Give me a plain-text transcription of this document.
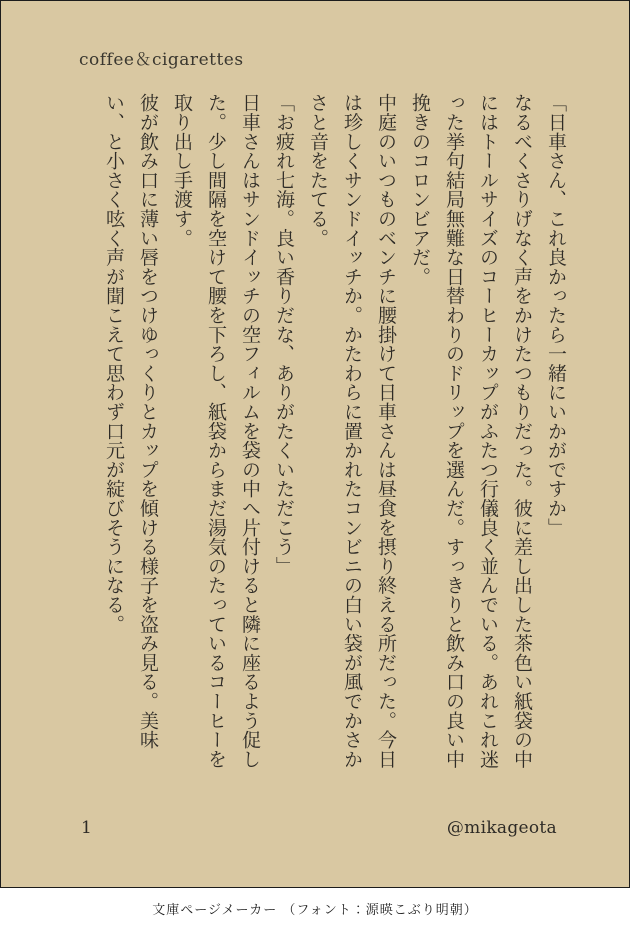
coffee＆cigarettes

「日車さん、これ良かったら一緒にいかがですか」

なるべくさりげなく声をかけたつもりだった。彼に差し出した茶色い紙袋の中にはトールサイズのコーヒーカップがふたつ行儀良く並んでいる。あれこれ迷った挙句結局無難な日替わりのドリップを選んだ。すっきりと飲み口の良い中挽きのコロンビアだ。

中庭のいつものベンチに腰掛けて日車さんは昼食を摂り終える所だった。今日は珍しくサンドイッチか。かたわらに置かれたコンビニの白い袋が風でかさかさと音をたてる。

「お疲れ七海。良い香りだな、ありがたくいただこう」

日車さんはサンドイッチの空フィルムを袋の中へ片付けると隣に座るよう促した。少し間隔を空けて腰を下ろし、紙袋からまだ湯気のたっているコーヒーを取り出し手渡す。

彼が飲み口に薄い唇をつけゆっくりとカップを傾ける様子を盗み見る。美味い、と小さく呟く声が聞こえて思わず口元が綻びそうになる。

1	@mikageota
文庫ページメーカー （フォント：源暎こぶり明朝）
